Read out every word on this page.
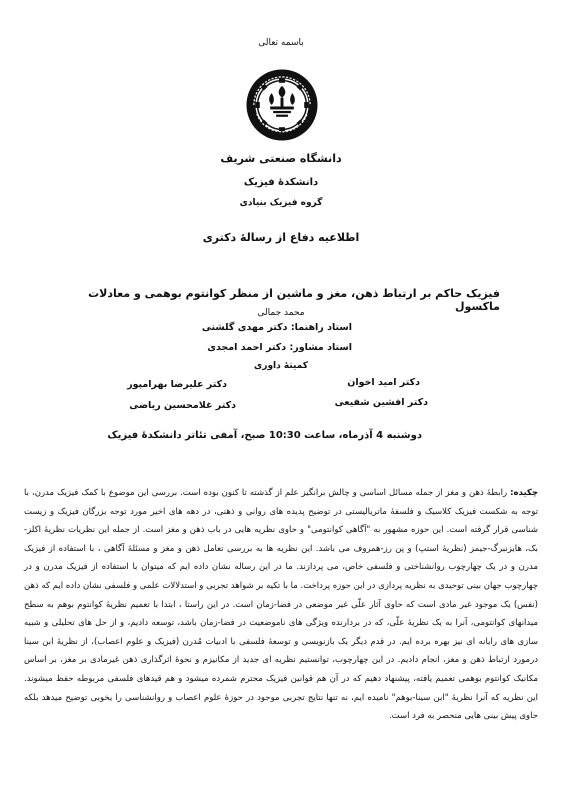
باسمه تعالی
دانشگاه صنعتی شریف
دانشکدهٔ فیزیک
گروه فیزیک بنیادی
اطلاعیه دفاع از رسالهٔ دکتری
فیزیک حاکم بر ارتباط ذهن، مغز و ماشین از منظر کوانتوم بوهمی و معادلات ماکسول
محمد جمالی
استاد راهنما: دکتر مهدی گلشنی
استاد مشاور: دکتر احمد امجدی
کمیتهٔ داوری
دکتر علیرضا بهرامپور	دکتر امید اخوان
دکتر غلامحسین ریاضی	دکتر افشین شفیعی
دوشنبه 4 آذرماه، ساعت 10:30 صبح، آمفی تئاتر دانشکدهٔ فیزیک
چکیده: رابطهٔ ذهن و مغز از جمله مسائل اساسی و چالش برانگیز علم از گذشته تا کنون بوده است. بررسی این موضوع با کمک فیزیک مدرن، با توجه به شکست فیزیک کلاسیک و فلسفهٔ ماتریالیستی در توضیح پدیده های روانی و ذهنی، در دهه های اخیر مورد توجه بزرگان فیزیک و زیست شناسی قرار گرفته است. این حوزه مشهور به "آگاهی کوانتومی" و حاوی نظریه هایی در باب ذهن و مغز است. از جمله این نظریات نظریهٔ اکلز-بک، هایزنبرگ-جیمز (نظریهٔ استپ) و پن رز-همروف می باشد. این نظریه ها به بررسی تعامل ذهن و مغز و مسئلهٔ آگاهی ، با استفاده از فیزیک مدرن و در یک چهارچوب روانشناختی و فلسفی خاص، می پردازند. ما در این رساله نشان داده ایم که میتوان با استفاده از فیزیک مدرن و در چهارچوب جهان بینی توحیدی به نظریه پردازی در این حوزه پرداخت. ما با تکیه بر شواهد تجربی و استدلالات علمی و فلسفی نشان داده ایم که ذهن (نفس) یک موجود غیر مادی است که حاوی آثار علّی غیر موضعی در فضا-زمان است. در این راستا ، ابتدا با تعمیم نظریهٔ کوانتوم بوهم به سطح میدانهای کوانتومی، آنرا به یک نظریهٔ علّی، که در بردارنده ویژگی های ناموضعیت در فضا-زمان باشد، توسعه دادیم، و از حل های تحلیلی و شبیه سازی های رایانه ای نیز بهره برده ایم. در قدم دیگر یک بازنویسی و توسعهٔ فلسفی با ادبیات مُدرن (فیزیک و علوم اعصاب)، از نظریهٔ ابن سینا درمورد ارتباط ذهن و مغز، انجام دادیم. در این چهارچوب، توانستیم نظریه ای جدید از مکانیزم و نحوهٔ اثرگذاری ذهن غیرمادی بر مغز، بر اساس مکانیک کوانتوم بوهمی تعمیم یافته، پیشنهاد دهیم که در آن هم قوانین فیزیک محترم شمرده میشود و هم قیدهای فلسفی مربوطه حفظ میشوند. این نظریه که آنرا نظریهٔ "ابن سینا-بوهم" نامیده ایم، نه تنها نتایج تجربی موجود در حوزهٔ علوم اعصاب و روانشناسی را یخوبی توضیح میدهد بلکه حاوی پیش بینی هایی منحصر به فرد است.
